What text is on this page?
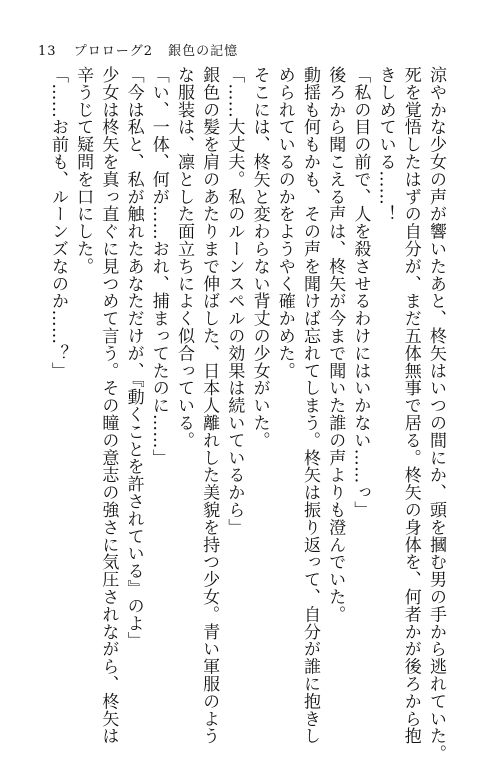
13 プロローグ2 銀色の記憶
涼やかな少女の声が響いたあと、柊矢はいつの間にか、頭を摑む男の手から逃れていた。
死を覚悟したはずの自分が、まだ五体無事で居る。柊矢の身体を、何者かが後ろから抱
きしめている……！
「私の目の前で、人を殺させるわけにはいかない……っ」
後ろから聞こえる声は、柊矢が今まで聞いた誰の声よりも澄んでいた。
動揺も何もかも、その声を聞けば忘れてしまう。柊矢は振り返って、自分が誰に抱きし
められているのかをようやく確かめた。
そこには、柊矢と変わらない背丈の少女がいた。
「……大丈夫。私のルーンスペルの効果は続いているから」
銀色の髪を肩のあたりまで伸ばした、日本人離れした美貌を持つ少女。青い軍服のよう
な服装は、凛とした面立ちによく似合っている。
「い、一体、何が……おれ、捕まってたのに……」
「今は私と、私が触れたあなただけが、『動くことを許されている』のよ」
少女は柊矢を真っ直ぐに見つめて言う。その瞳の意志の強さに気圧されながら、柊矢は
辛うじて疑問を口にした。
「……お前も、ルーンズなのか……？」
